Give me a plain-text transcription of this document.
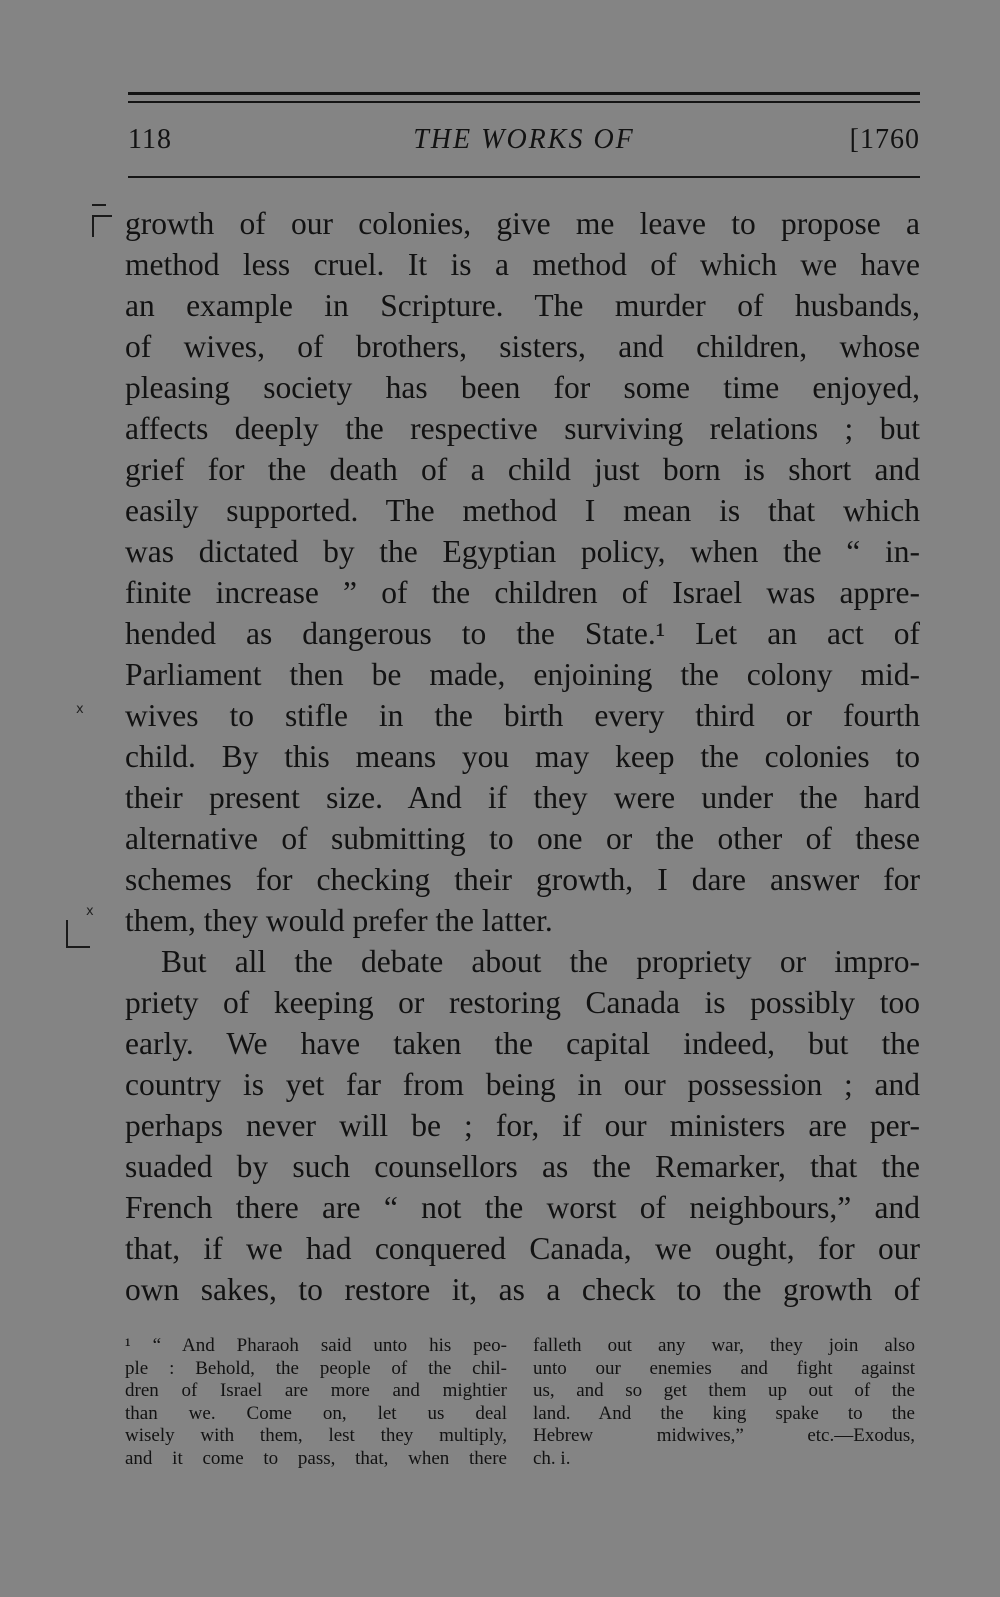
118	THE WORKS OF	[1760
x
x
growth of our colonies, give me leave to propose a
method less cruel. It is a method of which we have
an example in Scripture. The murder of husbands,
of wives, of brothers, sisters, and children, whose
pleasing society has been for some time enjoyed,
affects deeply the respective surviving relations ; but
grief for the death of a child just born is short and
easily supported. The method I mean is that which
was dictated by the Egyptian policy, when the “ in-
finite increase ” of the children of Israel was appre-
hended as dangerous to the State.¹ Let an act of
Parliament then be made, enjoining the colony mid-
wives to stifle in the birth every third or fourth
child. By this means you may keep the colonies to
their present size. And if they were under the hard
alternative of submitting to one or the other of these
schemes for checking their growth, I dare answer for
them, they would prefer the latter.
But all the debate about the propriety or impro-
priety of keeping or restoring Canada is possibly too
early. We have taken the capital indeed, but the
country is yet far from being in our possession ; and
perhaps never will be ; for, if our ministers are per-
suaded by such counsellors as the Remarker, that the
French there are “ not the worst of neighbours,” and
that, if we had conquered Canada, we ought, for our
own sakes, to restore it, as a check to the growth of
¹ “ And Pharaoh said unto his peo-
ple : Behold, the people of the chil-
dren of Israel are more and mightier
than we. Come on, let us deal
wisely with them, lest they multiply,
and it come to pass, that, when there
falleth out any war, they join also
unto our enemies and fight against
us, and so get them up out of the
land. And the king spake to the
Hebrew midwives,” etc.—Exodus,
ch. i.
